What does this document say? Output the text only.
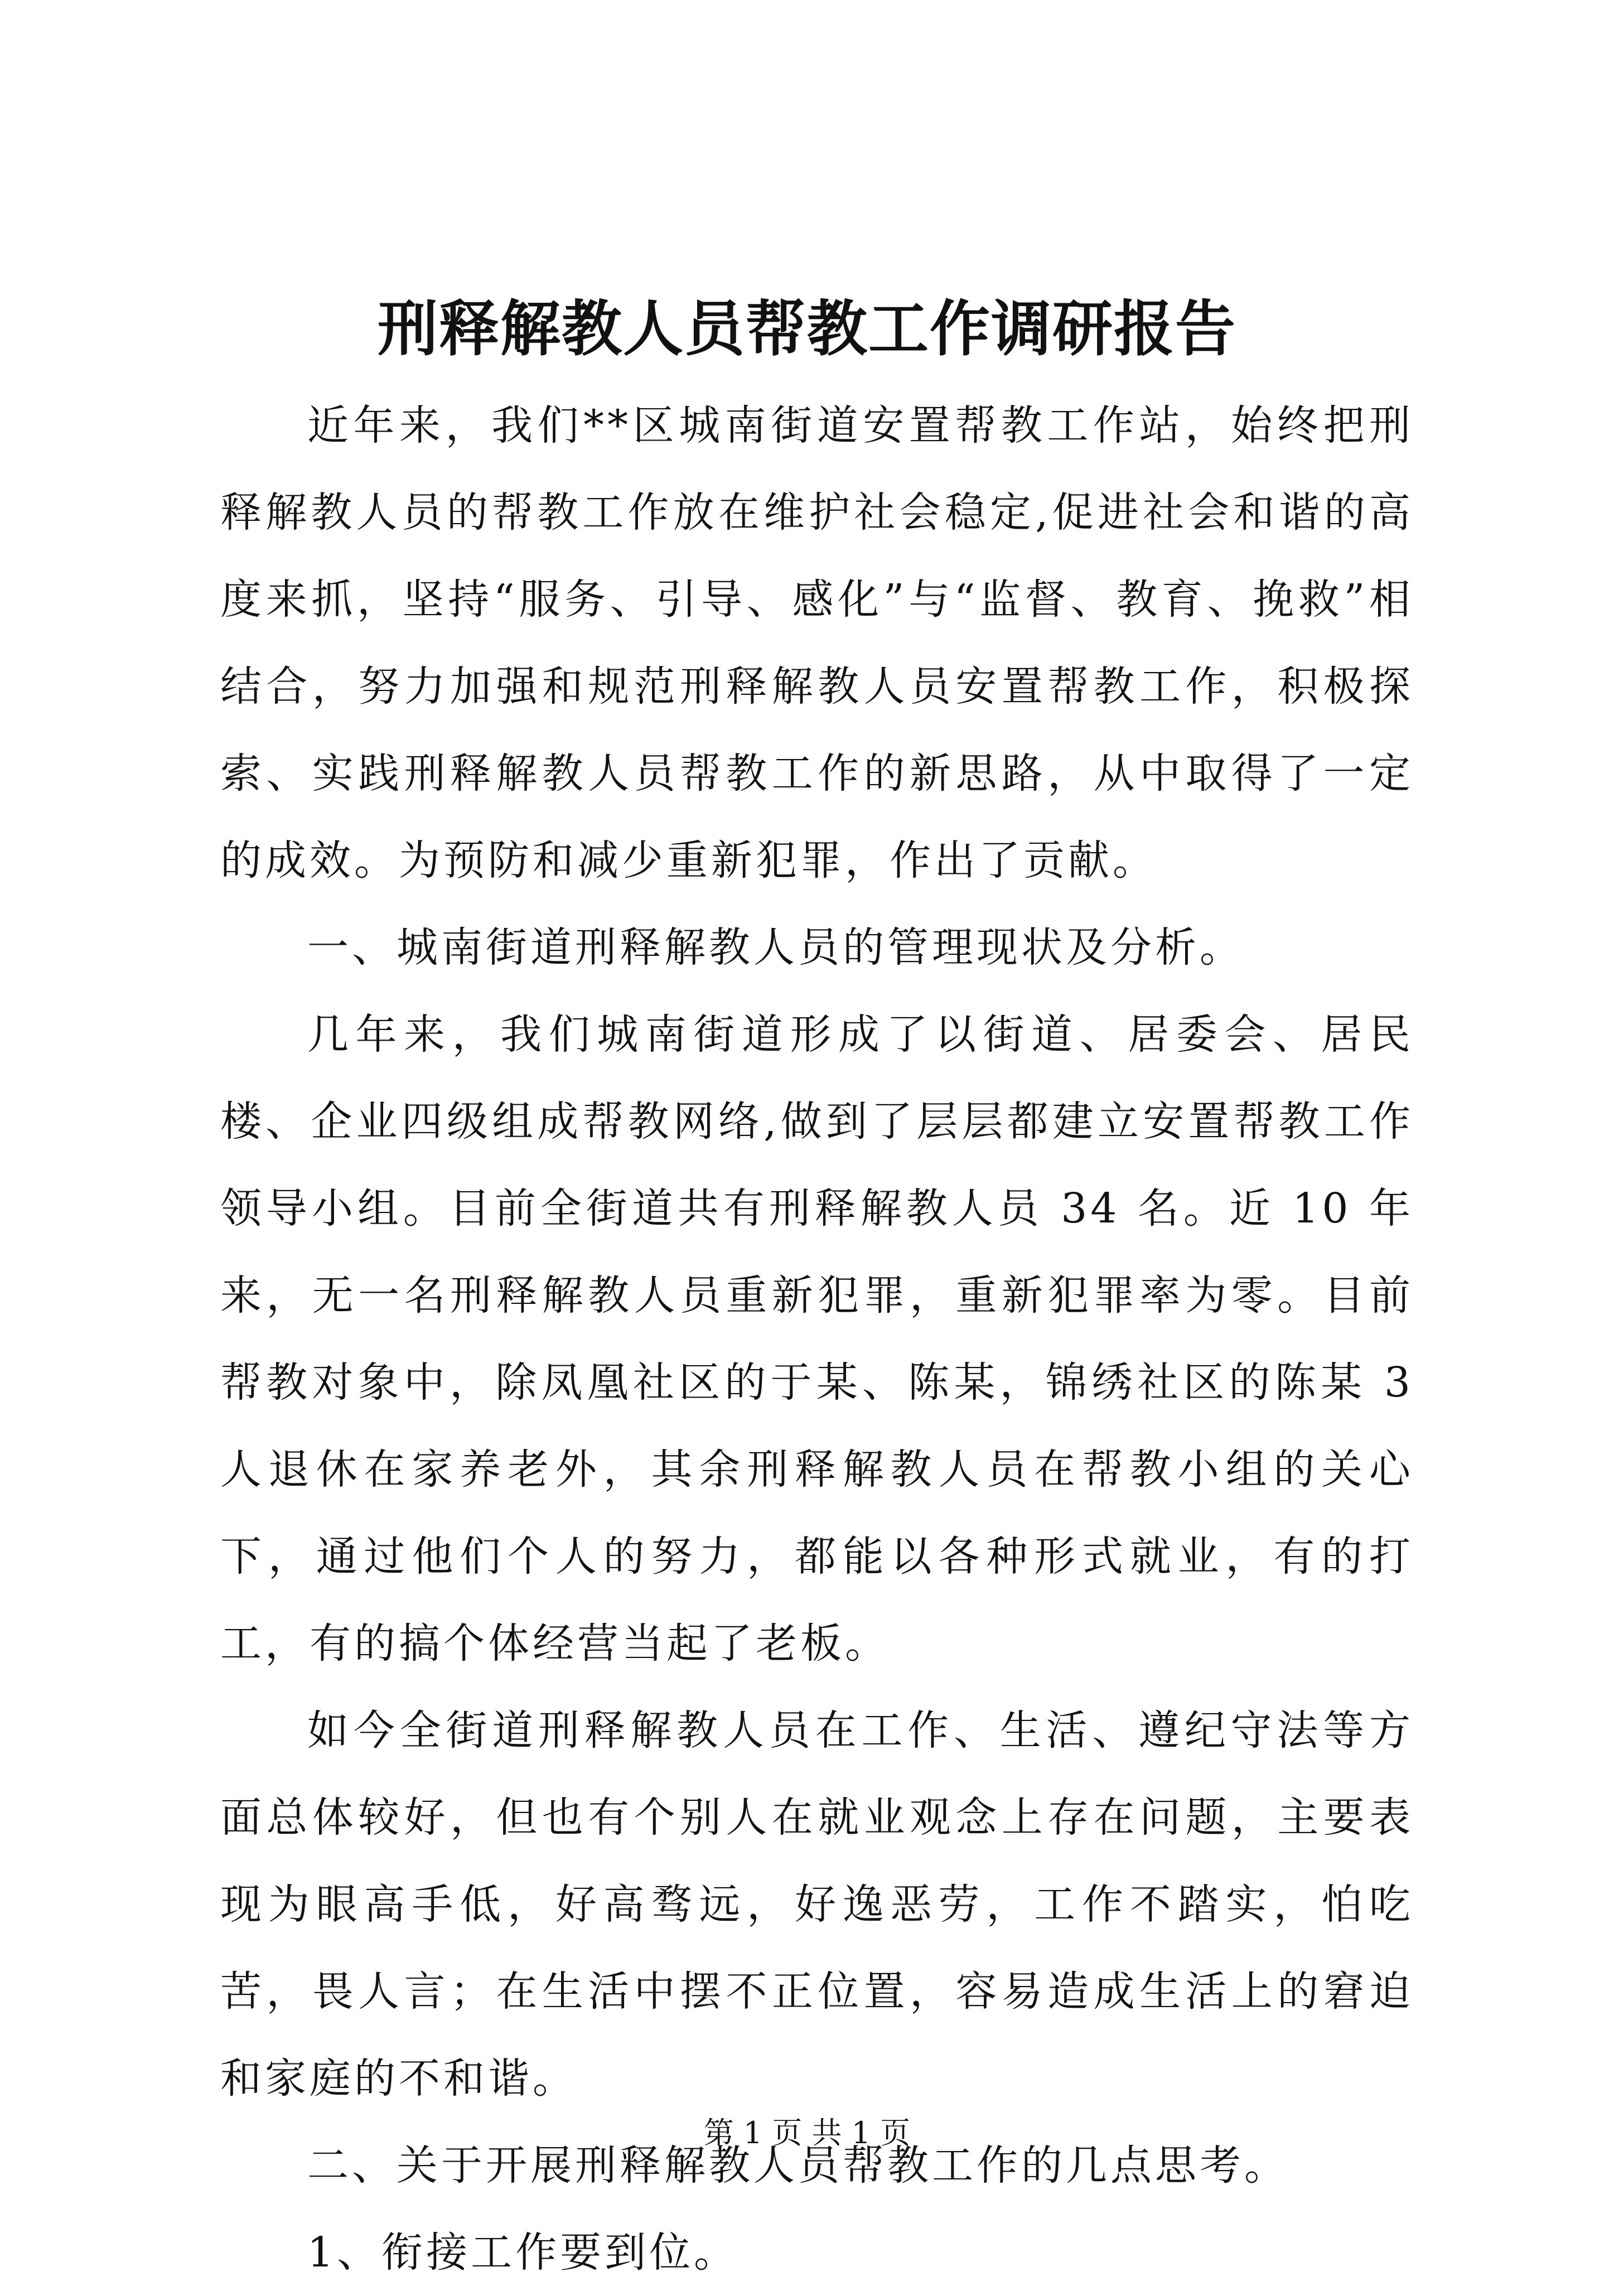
刑释解教人员帮教工作调研报告

近年来，我们**区城南街道安置帮教工作站，始终把刑释解教人员的帮教工作放在维护社会稳定,促进社会和谐的高度来抓，坚持“服务、引导、感化”与“监督、教育、挽救”相结合，努力加强和规范刑释解教人员安置帮教工作，积极探索、实践刑释解教人员帮教工作的新思路，从中取得了一定的成效。为预防和减少重新犯罪，作出了贡献。

一、城南街道刑释解教人员的管理现状及分析。

几年来，我们城南街道形成了以街道、居委会、居民楼、企业四级组成帮教网络,做到了层层都建立安置帮教工作领导小组。目前全街道共有刑释解教人员 34 名。近 10 年来，无一名刑释解教人员重新犯罪，重新犯罪率为零。目前帮教对象中，除凤凰社区的于某、陈某，锦绣社区的陈某 3 人退休在家养老外，其余刑释解教人员在帮教小组的关心下，通过他们个人的努力，都能以各种形式就业，有的打工，有的搞个体经营当起了老板。

如今全街道刑释解教人员在工作、生活、遵纪守法等方面总体较好，但也有个别人在就业观念上存在问题，主要表现为眼高手低，好高骛远，好逸恶劳，工作不踏实，怕吃苦，畏人言；在生活中摆不正位置，容易造成生活上的窘迫和家庭的不和谐。

二、关于开展刑释解教人员帮教工作的几点思考。

1、衔接工作要到位。

第 1 页 共 1 页
